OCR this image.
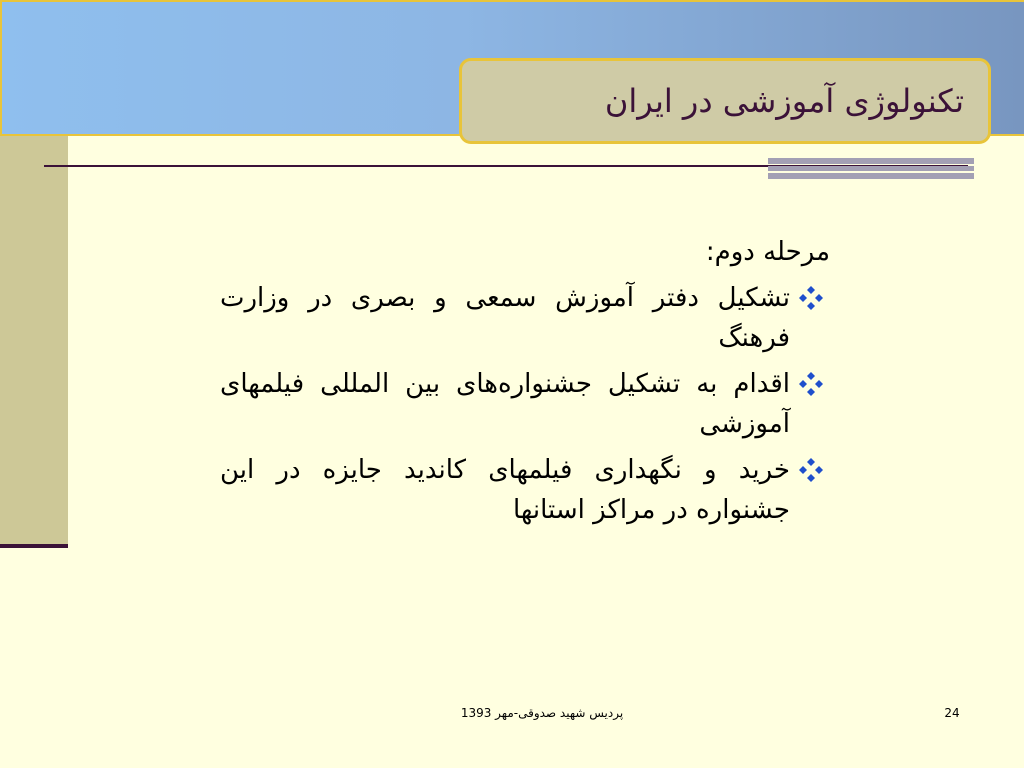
تکنولوژی آموزشی در ایران
مرحله دوم:
تشکیل دفتر آموزش سمعی و بصری در وزارت فرهنگ
اقدام به تشکیل جشنواره‌های بین المللی فیلمهای آموزشی
خرید و نگهداری فیلمهای کاندید جایزه در این جشنواره در مراکز استانها
پردیس شهید صدوقی-مهر 1393	24
